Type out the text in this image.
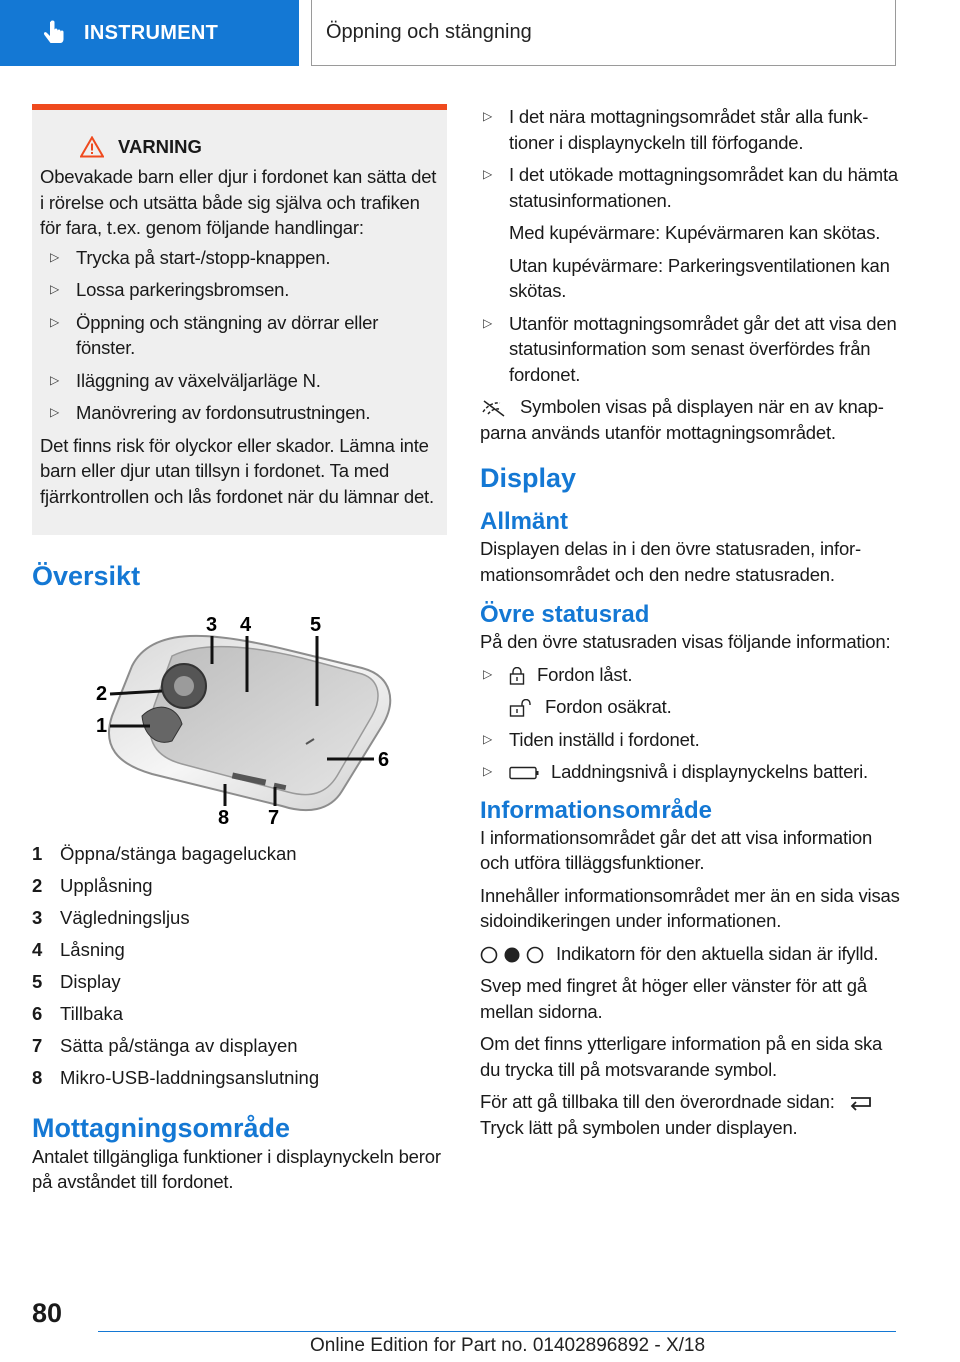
INSTRUMENT	Öppning och stängning
VARNING

Obevakade barn eller djur i fordonet kan sätta det i rörelse och utsätta både sig själva och trafiken för fara, t.ex. genom följande handlingar:

▷ Trycka på start-/stopp-knappen.
▷ Lossa parkeringsbromsen.
▷ Öppning och stängning av dörrar eller fönster.
▷ Iläggning av växelväljarläge N.
▷ Manövrering av fordonsutrustningen.

Det finns risk för olyckor eller skador. Lämna inte barn eller djur utan tillsyn i fordonet. Ta med fjärrkontrollen och lås fordonet när du lämnar det.

Översikt
2
1
3 4	5
6
7
8
1 Öppna/stänga bagageluckan
2 Upplåsning
3 Vägledningsljus
4 Låsning
5 Display
6 Tillbaka
7 Sätta på/stänga av displayen
8 Mikro-USB-laddningsanslutning
Mottagningsområde

Antalet tillgängliga funktioner i displaynyckeln beror på avståndet till fordonet.

▷ I det nära mottagningsområdet står alla funktioner i displaynyckeln till förfogande.
▷ I det utökade mottagningsområdet kan du hämta statusinformationen.

Med kupévärmare: Kupévärmaren kan skötas.

Utan kupévärmare: Parkeringsventilationen kan skötas.

▷ Utanför mottagningsområdet går det att visa den statusinformation som senast överfördes från fordonet.

Symbolen visas på displayen när en av knapparna används utanför mottagningsområdet.

Display
Allmänt

Displayen delas in i den övre statusraden, informationsområdet och den nedre statusraden.

Övre statusrad

På den övre statusraden visas följande information:

▷ Fordon låst.

Fordon osäkrat.

▷ Tiden inställd i fordonet.
▷ Laddningsnivå i displaynyckelns batteri.
Informationsområde

I informationsområdet går det att visa information och utföra tilläggsfunktioner.

Innehåller informationsområdet mer än en sida visas sidoindikeringen under informationen.

Indikatorn för den aktuella sidan är ifylld.

Svep med fingret åt höger eller vänster för att gå mellan sidorna.

Om det finns ytterligare information på en sida ska du trycka till på motsvarande symbol.

För att gå tillbaka till den överordnade sidan:

Tryck lätt på symbolen under displayen.

80
Online Edition for Part no. 01402896892 - X/18
